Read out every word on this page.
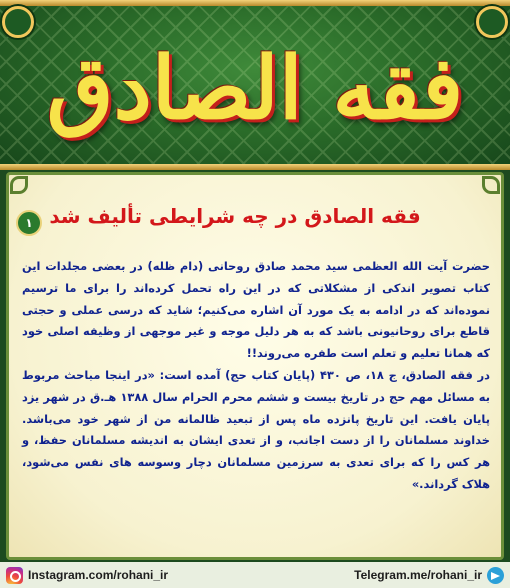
فقه الصادق
۱ فقه الصادق در چه شرایطی تألیف شد

حضرت آیت الله العظمی سید محمد صادق روحانی (دام ظله) در بعضی مجلدات این کتاب تصویر اندکی از مشکلاتی که در این راه تحمل کرده‌اند را برای ما ترسیم نموده‌اند که در ادامه به یک مورد آن اشاره می‌کنیم؛ شاید که درسی عملی و حجتی قاطع برای روحانیونی باشد که به هر دلیل موجه و غیر موجهی از وظیفه اصلی خود که همانا تعلیم و تعلم است طفره می‌روند!!

در فقه الصادق، ج ۱۸، ص ۴۳۰ (پایان کتاب حج) آمده است: «در اینجا مباحث مربوط به مسائل مهم حج در تاریخ بیست و ششم محرم الحرام سال ۱۳۸۸ هـ.ق در شهر یزد پایان یافت. این تاریخ پانزده ماه پس از تبعید ظالمانه من از شهر خود می‌باشد. خداوند مسلمانان را از دست اجانب، و از تعدی ایشان به اندیشه مسلمانان حفظ، و هر کس را که برای تعدی به سرزمین مسلمانان دچار وسوسه های نفس می‌شود، هلاک گرداند.»

Instagram.com/rohani_ir	Telegram.me/rohani_ir
